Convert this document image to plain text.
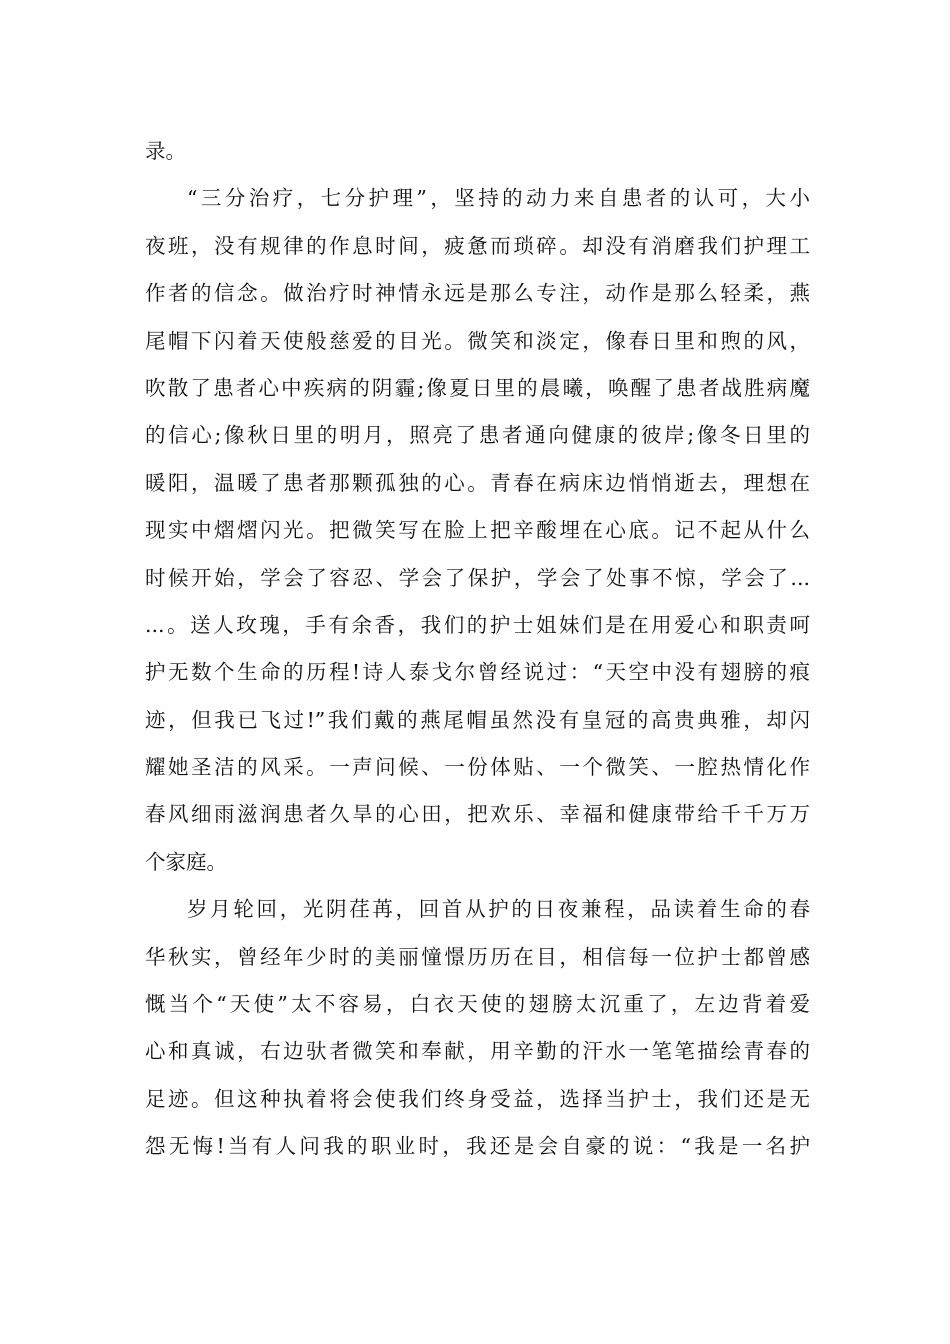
录。
“三分治疗，七分护理”，坚持的动力来自患者的认可，大小
夜班，没有规律的作息时间，疲惫而琐碎。却没有消磨我们护理工
作者的信念。做治疗时神情永远是那么专注，动作是那么轻柔，燕
尾帽下闪着天使般慈爱的目光。微笑和淡定，像春日里和煦的风，
吹散了患者心中疾病的阴霾;像夏日里的晨曦，唤醒了患者战胜病魔
的信心;像秋日里的明月，照亮了患者通向健康的彼岸;像冬日里的
暖阳，温暖了患者那颗孤独的心。青春在病床边悄悄逝去，理想在
现实中熠熠闪光。把微笑写在脸上把辛酸埋在心底。记不起从什么
时候开始，学会了容忍、学会了保护，学会了处事不惊，学会了...
...。送人玫瑰，手有余香，我们的护士姐妹们是在用爱心和职责呵
护无数个生命的历程!诗人泰戈尔曾经说过：“天空中没有翅膀的痕
迹，但我已飞过!”我们戴的燕尾帽虽然没有皇冠的高贵典雅，却闪
耀她圣洁的风采。一声问候、一份体贴、一个微笑、一腔热情化作
春风细雨滋润患者久旱的心田，把欢乐、幸福和健康带给千千万万
个家庭。
岁月轮回，光阴荏苒，回首从护的日夜兼程，品读着生命的春
华秋实，曾经年少时的美丽憧憬历历在目，相信每一位护士都曾感
慨当个“天使”太不容易，白衣天使的翅膀太沉重了，左边背着爱
心和真诚，右边驮者微笑和奉献，用辛勤的汗水一笔笔描绘青春的
足迹。但这种执着将会使我们终身受益，选择当护士，我们还是无
怨无悔!当有人问我的职业时，我还是会自豪的说：“我是一名护
